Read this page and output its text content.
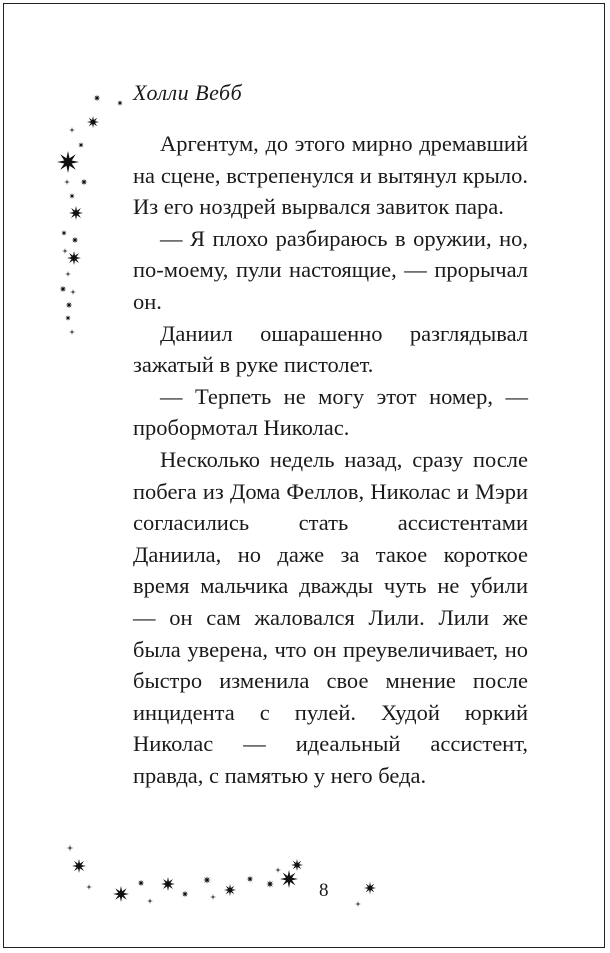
Холли Вебб

Аргентум, до этого мирно дремавший на сцене, встрепенулся и вытянул крыло. Из его ноздрей вырвался завиток пара.

— Я плохо разбираюсь в оружии, но, по-моему, пули настоящие, — прорычал он.

Даниил ошарашенно разглядывал зажатый в руке пистолет.

— Терпеть не могу этот номер, — пробормотал Николас.

Несколько недель назад, сразу после побега из Дома Феллов, Николас и Мэри согласились стать ассистентами Даниила, но даже за такое короткое время мальчика дважды чуть не убили — он сам жаловался Лили. Лили же была уверена, что он преувеличивает, но быстро изменила свое мнение после инцидента с пулей. Худой юркий Николас — идеальный ассистент, правда, с памятью у него беда.

8
